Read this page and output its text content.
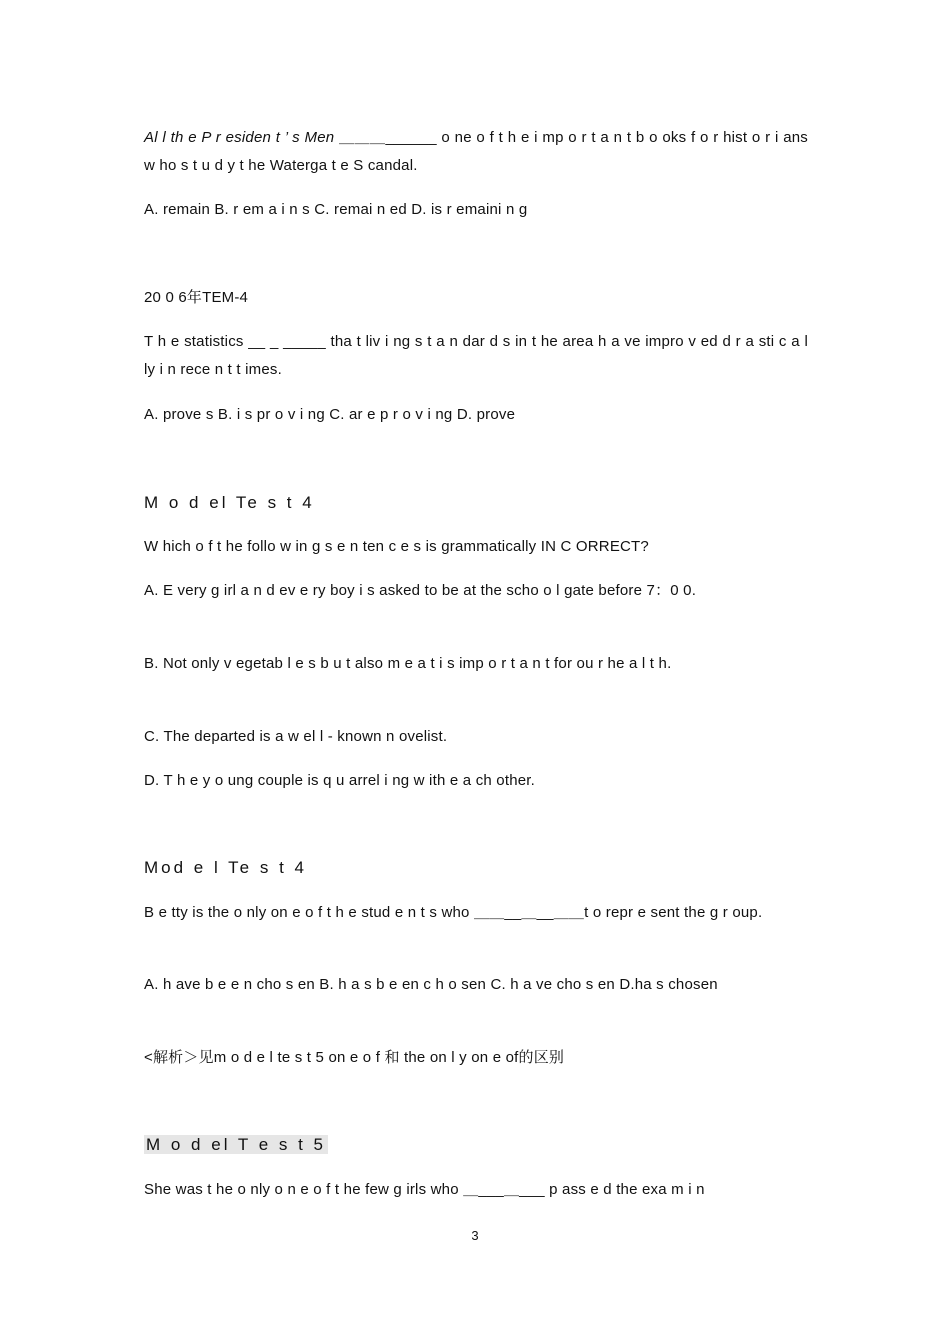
Al l th e P r esiden t ’ s Men ＿＿＿______ o ne o f t h e i mp o r t a n t b o oks f o r hist o r i ans w ho s t u d y t he Waterga t e S candal.
A. remain B. r em a i n s C. remai n ed D. is r emaini n g
20 0 6年TEM-4
T h e statistics __ _ _____ tha t liv i ng s t a n dar d s in t he area h a ve impro v ed d r a sti c a l ly i n rece n t t imes.
A. prove s B. i s pr o v i ng C. ar e p r o v i ng D. prove
M o d el Te s t 4
W hich o f t he follo w in g s e n ten c e s is grammatically IN C ORRECT?
A. E very g irl a n d ev e ry boy i s asked to be at the scho o l gate before 7：0 0.
B. Not only v egetab l e s b u t also m e a t i s imp o r t a n t for ou r he a l t h.
C. The departed is a w el l - known n ovelist.
D. T h e y o ung couple is q u arrel i ng w ith e a ch other.
Mod e l Te s t 4
B e tty is the o nly on e o f t h e stud e n t s who ＿＿__＿__＿＿t o repr e sent the g r oup.
A. h ave b e e n cho s en B. h a s b e en c h o sen C. h a ve cho s en D.ha s chosen
<解析＞见m o d e l te s t 5 on e o f 和 the on l y on e of的区别
M o d el T e s t 5
She was t he o nly o n e o f t he few g irls who ＿___＿___ p ass e d the exa m i n
3
